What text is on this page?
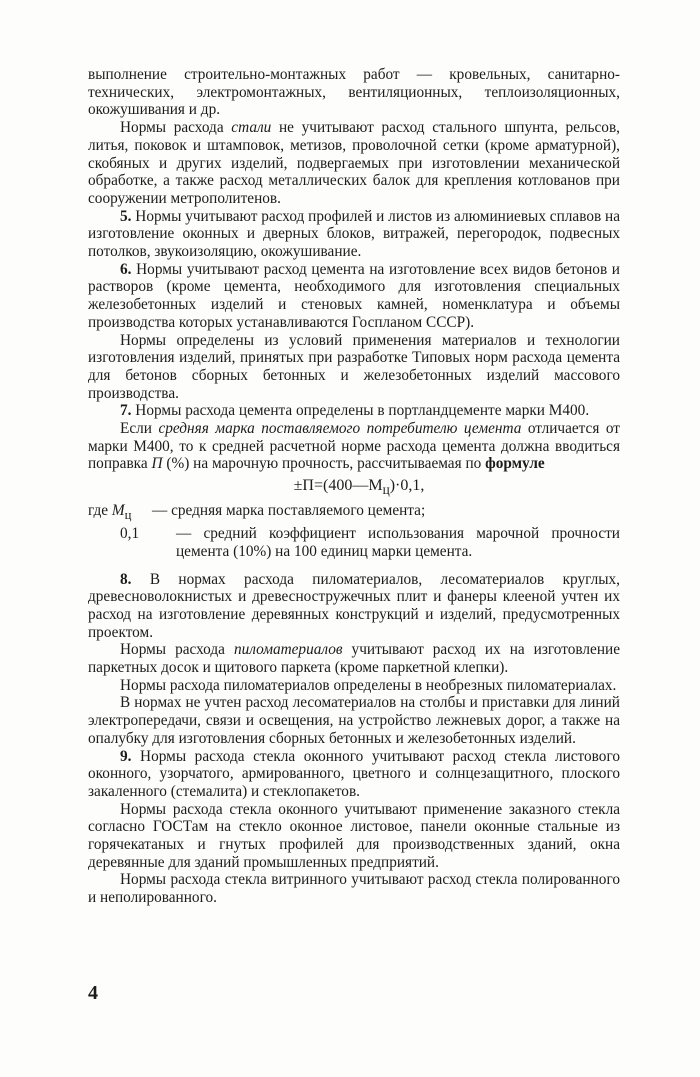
выполнение строительно-монтажных работ — кровельных, санитарно-технических, электромонтажных, вентиляционных, теплоизоляционных, окожушивания и др.

Нормы расхода стали не учитывают расход стального шпунта, рельсов, литья, поковок и штамповок, метизов, проволочной сетки (кроме арматурной), скобяных и других изделий, подвергаемых при изготовлении механической обработке, а также расход металлических балок для крепления котлованов при сооружении метрополитенов.

5. Нормы учитывают расход профилей и листов из алюминиевых сплавов на изготовление оконных и дверных блоков, витражей, перегородок, подвесных потолков, звукоизоляцию, окожушивание.

6. Нормы учитывают расход цемента на изготовление всех видов бетонов и растворов (кроме цемента, необходимого для изготовления специальных железобетонных изделий и стеновых камней, номенклатура и объемы производства которых устанавливаются Госпланом СССР).

Нормы определены из условий применения материалов и технологии изготовления изделий, принятых при разработке Типовых норм расхода цемента для бетонов сборных бетонных и железобетонных изделий массового производства.

7. Нормы расхода цемента определены в портландцементе марки М400.

Если средняя марка поставляемого потребителю цемента отличается от марки М400, то к средней расчетной норме расхода цемента должна вводиться поправка П (%) на марочную прочность, рассчитываемая по формуле

$\pm П=(400—М_ц)\cdot 0,1$,
где $М_ц$	— средняя марка поставляемого цемента;
0,1	— средний коэффициент использования марочной прочности цемента (10%) на 100 единиц марки цемента.

8. В нормах расхода пиломатериалов, лесоматериалов круглых, древесноволокнистых и древесностружечных плит и фанеры клееной учтен их расход на изготовление деревянных конструкций и изделий, предусмотренных проектом.

Нормы расхода пиломатериалов учитывают расход их на изготовление паркетных досок и щитового паркета (кроме паркетной клепки).

Нормы расхода пиломатериалов определены в необрезных пиломатериалах.

В нормах не учтен расход лесоматериалов на столбы и приставки для линий электропередачи, связи и освещения, на устройство лежневых дорог, а также на опалубку для изготовления сборных бетонных и железобетонных изделий.

9. Нормы расхода стекла оконного учитывают расход стекла листового оконного, узорчатого, армированного, цветного и солнцезащитного, плоского закаленного (стемалита) и стеклопакетов.

Нормы расхода стекла оконного учитывают применение заказного стекла согласно ГОСТам на стекло оконное листовое, панели оконные стальные из горячекатаных и гнутых профилей для производственных зданий, окна деревянные для зданий промышленных предприятий.

Нормы расхода стекла витринного учитывают расход стекла полированного и неполированного.

4
